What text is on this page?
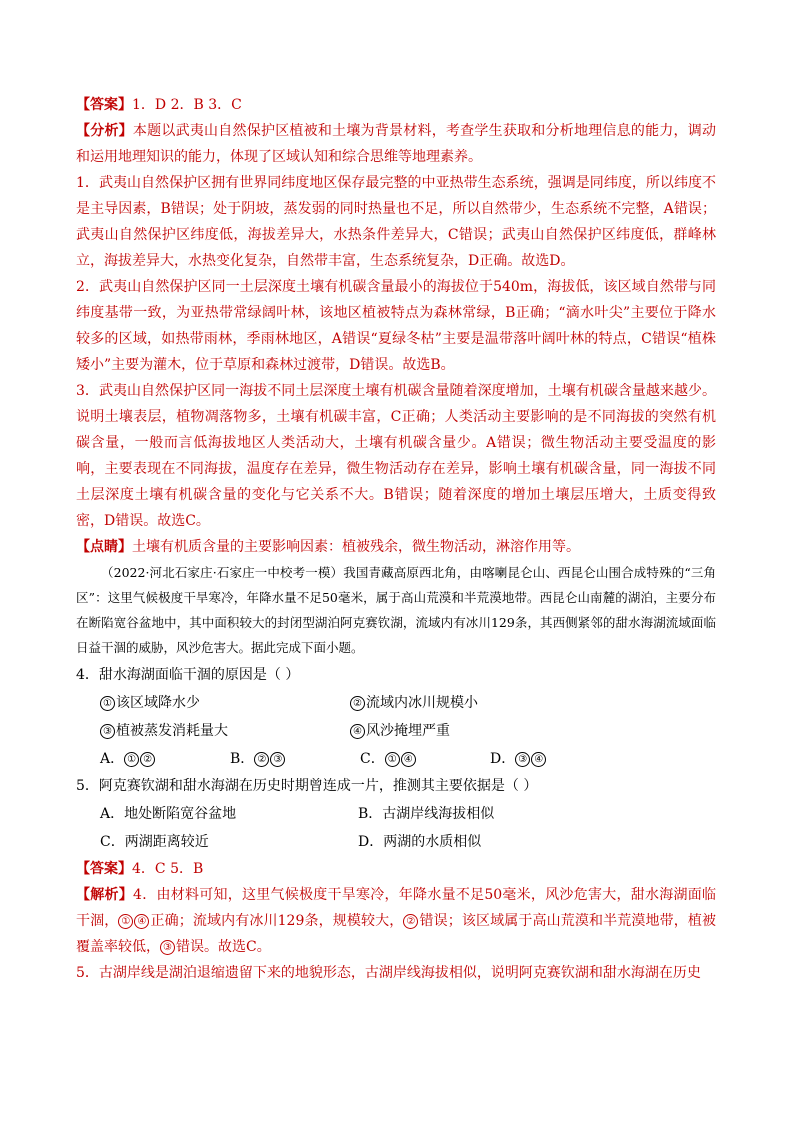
【答案】1．D 2．B 3．C
【分析】本题以武夷山自然保护区植被和土壤为背景材料，考查学生获取和分析地理信息的能力，调动和运用地理知识的能力，体现了区域认知和综合思维等地理素养。
1．武夷山自然保护区拥有世界同纬度地区保存最完整的中亚热带生态系统，强调是同纬度，所以纬度不是主导因素，B错误；处于阴坡，蒸发弱的同时热量也不足，所以自然带少，生态系统不完整，A错误；武夷山自然保护区纬度低，海拔差异大，水热条件差异大，C错误；武夷山自然保护区纬度低，群峰林立，海拔差异大，水热变化复杂，自然带丰富，生态系统复杂，D正确。故选D。
2．武夷山自然保护区同一土层深度土壤有机碳含量最小的海拔位于540m，海拔低，该区域自然带与同纬度基带一致，为亚热带常绿阔叶林，该地区植被特点为森林常绿，B正确；“滴水叶尖”主要位于降水较多的区域，如热带雨林，季雨林地区，A错误“夏绿冬枯”主要是温带落叶阔叶林的特点，C错误“植株矮小”主要为灌木，位于草原和森林过渡带，D错误。故选B。
3．武夷山自然保护区同一海拔不同土层深度土壤有机碳含量随着深度增加，土壤有机碳含量越来越少。说明土壤表层，植物凋落物多，土壤有机碳丰富，C正确；人类活动主要影响的是不同海拔的突然有机碳含量，一般而言低海拔地区人类活动大，土壤有机碳含量少。A错误；微生物活动主要受温度的影响，主要表现在不同海拔，温度存在差异，微生物活动存在差异，影响土壤有机碳含量，同一海拔不同土层深度土壤有机碳含量的变化与它关系不大。B错误；随着深度的增加土壤层压增大，土质变得致密，D错误。故选C。
【点睛】土壤有机质含量的主要影响因素：植被残余，微生物活动，淋溶作用等。
（2022·河北石家庄·石家庄一中校考一模）我国青藏高原西北角，由喀喇昆仑山、西昆仑山围合成特殊的“三角区”：这里气候极度干旱寒冷，年降水量不足50毫米，属于高山荒漠和半荒漠地带。西昆仑山南麓的湖泊，主要分布在断陷宽谷盆地中，其中面积较大的封闭型湖泊阿克赛钦湖，流域内有冰川129条，其西侧紧邻的甜水海湖流域面临日益干涸的威胁，风沙危害大。据此完成下面小题。
4．甜水海湖面临干涸的原因是（ ）
① 该区域降水少	② 流域内冰川规模小
③ 植被蒸发消耗量大	④ 风沙掩埋严重
A． ① ②	B． ② ③	C． ① ④	D． ③ ④
5．阿克赛钦湖和甜水海湖在历史时期曾连成一片，推测其主要依据是（ ）
A．地处断陷宽谷盆地	B．古湖岸线海拔相似
C．两湖距离较近	D．两湖的水质相似
【答案】4．C 5．B
【解析】4．由材料可知，这里气候极度干旱寒冷，年降水量不足50毫米，风沙危害大，甜水海湖面临干涸， ① ④ 正确；流域内有冰川129条，规模较大， ② 错误；该区域属于高山荒漠和半荒漠地带，植被覆盖率较低， ③ 错误。故选C。
5．古湖岸线是湖泊退缩遗留下来的地貌形态，古湖岸线海拔相似，说明阿克赛钦湖和甜水海湖在历史
